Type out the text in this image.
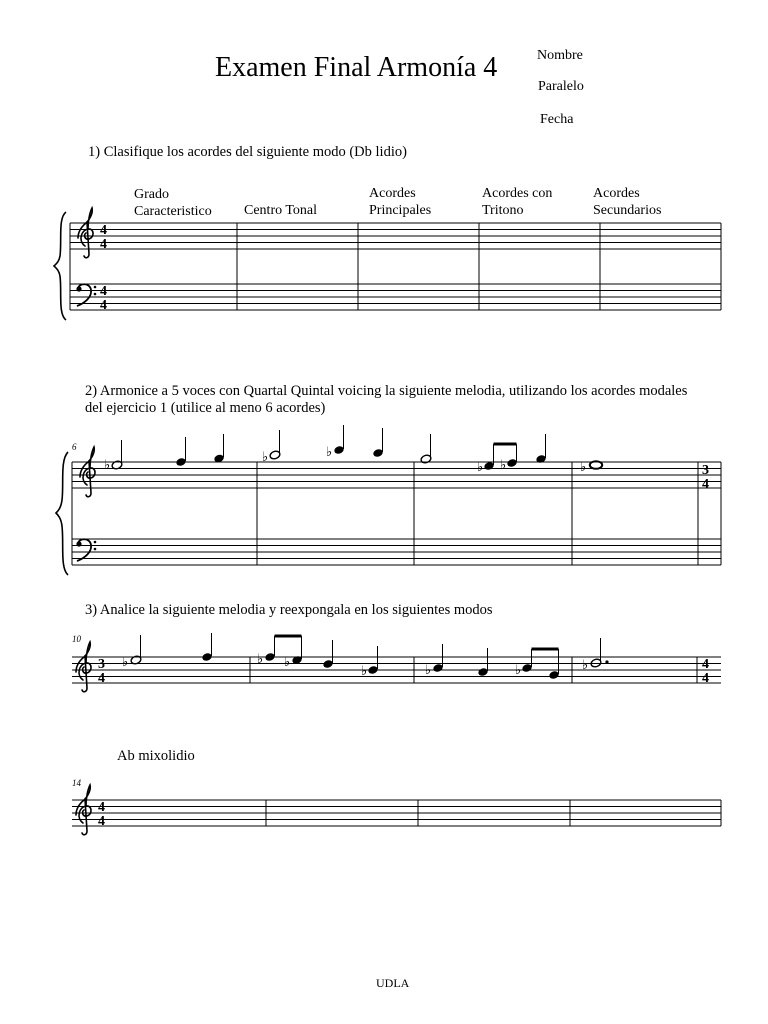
Examen Final Armonía 4	Nombre
Paralelo
Fecha
1) Clasifique los acordes del siguiente modo (Db lidio)
Grado
Caracteristico Centro Tonal
Acordes
Principales
Acordes con
Tritono
Acordes
Secundarios
2) Armonice a 5 voces con Quartal Quintal voicing la siguiente melodia, utilizando los acordes modales
del ejercicio 1 (utilice al meno 6 acordes)
3) Analice la siguiente melodia y reexpongala en los siguientes modos
Ab mixolidio
UDLA
4
4
4
4
6
♭
♭	♭
♭ ♭	♭	3
4
10
3
4
♭	♭ ♭
♭	♭	♭	♭	4
4
14
4
4
